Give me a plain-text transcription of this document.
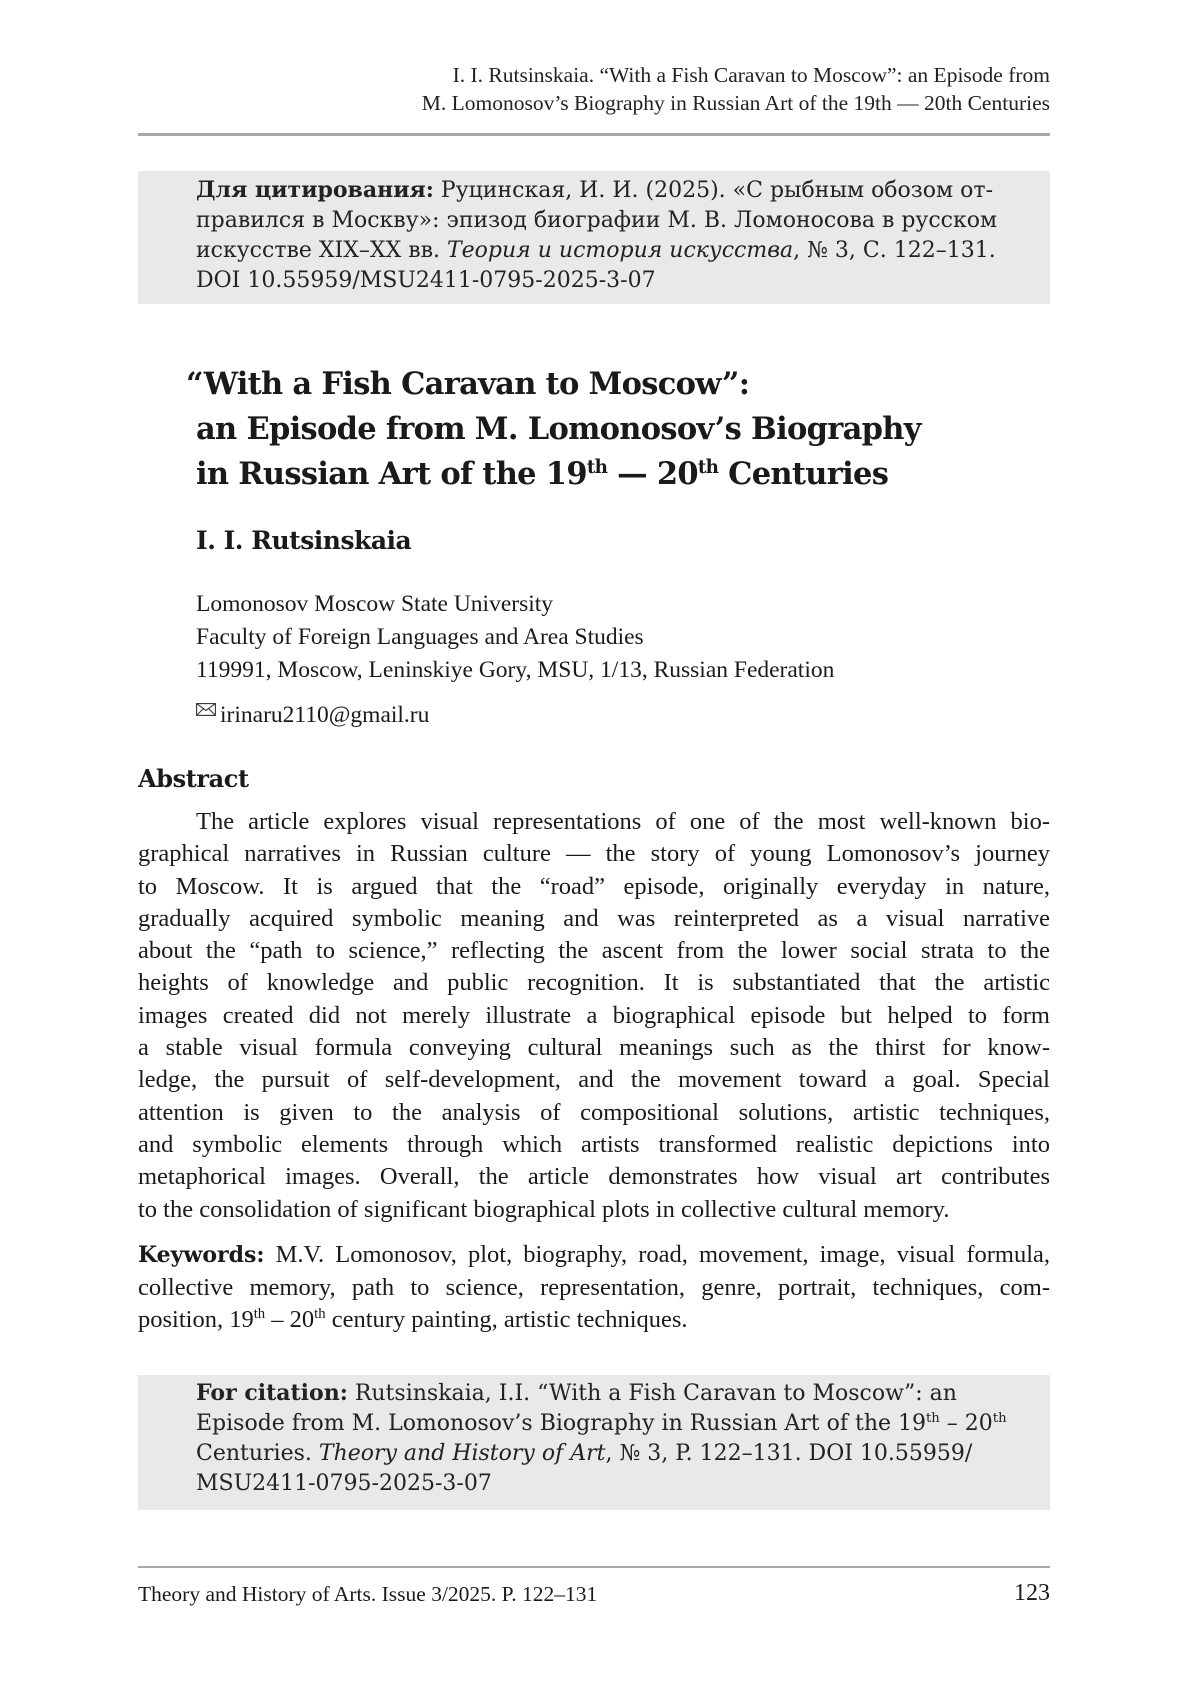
I. I. Rutsinskaia. “With a Fish Caravan to Moscow”: an Episode from
M. Lomonosov’s Biography in Russian Art of the 19th — 20th Centuries
Для цитирования: Руцинская, И. И. (2025). «С рыбным обозом от-
правился в Москву»: эпизод биографии М. В. Ломоносова в русском
искусстве XIX–XX вв. Теория и история искусства, № 3, С. 122–131.
DOI 10.55959/MSU2411-0795-2025-3-07
“With a Fish Caravan to Moscow”:
an Episode from M. Lomonosov’s Biography
in Russian Art of the 19th — 20th Centuries
I. I. Rutsinskaia
Lomonosov Moscow State University
Faculty of Foreign Languages and Area Studies
119991, Moscow, Leninskiye Gory, MSU, 1/13, Russian Federation
irinaru2110@gmail.ru
Abstract
The article explores visual representations of one of the most well-known bio-
graphical narratives in Russian culture — the story of young Lomonosov’s journey
to Moscow. It is argued that the “road” episode, originally everyday in nature,
gradually acquired symbolic meaning and was reinterpreted as a visual narrative
about the “path to science,” reflecting the ascent from the lower social strata to the
heights of knowledge and public recognition. It is substantiated that the artistic
images created did not merely illustrate a biographical episode but helped to form
a stable visual formula conveying cultural meanings such as the thirst for know-
ledge, the pursuit of self-development, and the movement toward a goal. Special
attention is given to the analysis of compositional solutions, artistic techniques,
and symbolic elements through which artists transformed realistic depictions into
metaphorical images. Overall, the article demonstrates how visual art contributes
to the consolidation of significant biographical plots in collective cultural memory.
Keywords: M.V. Lomonosov, plot, biography, road, movement, image, visual formula,
collective memory, path to science, representation, genre, portrait, techniques, com-
position, 19th – 20th century painting, artistic techniques.
For citation: Rutsinskaia, I.I. “With a Fish Caravan to Moscow”: an
Episode from M. Lomonosov’s Biography in Russian Art of the 19th – 20th
Centuries. Theory and History of Art, № 3, P. 122–131. DOI 10.55959/
MSU2411-0795-2025-3-07
Theory and History of Arts. Issue 3/2025. P. 122–131	123
